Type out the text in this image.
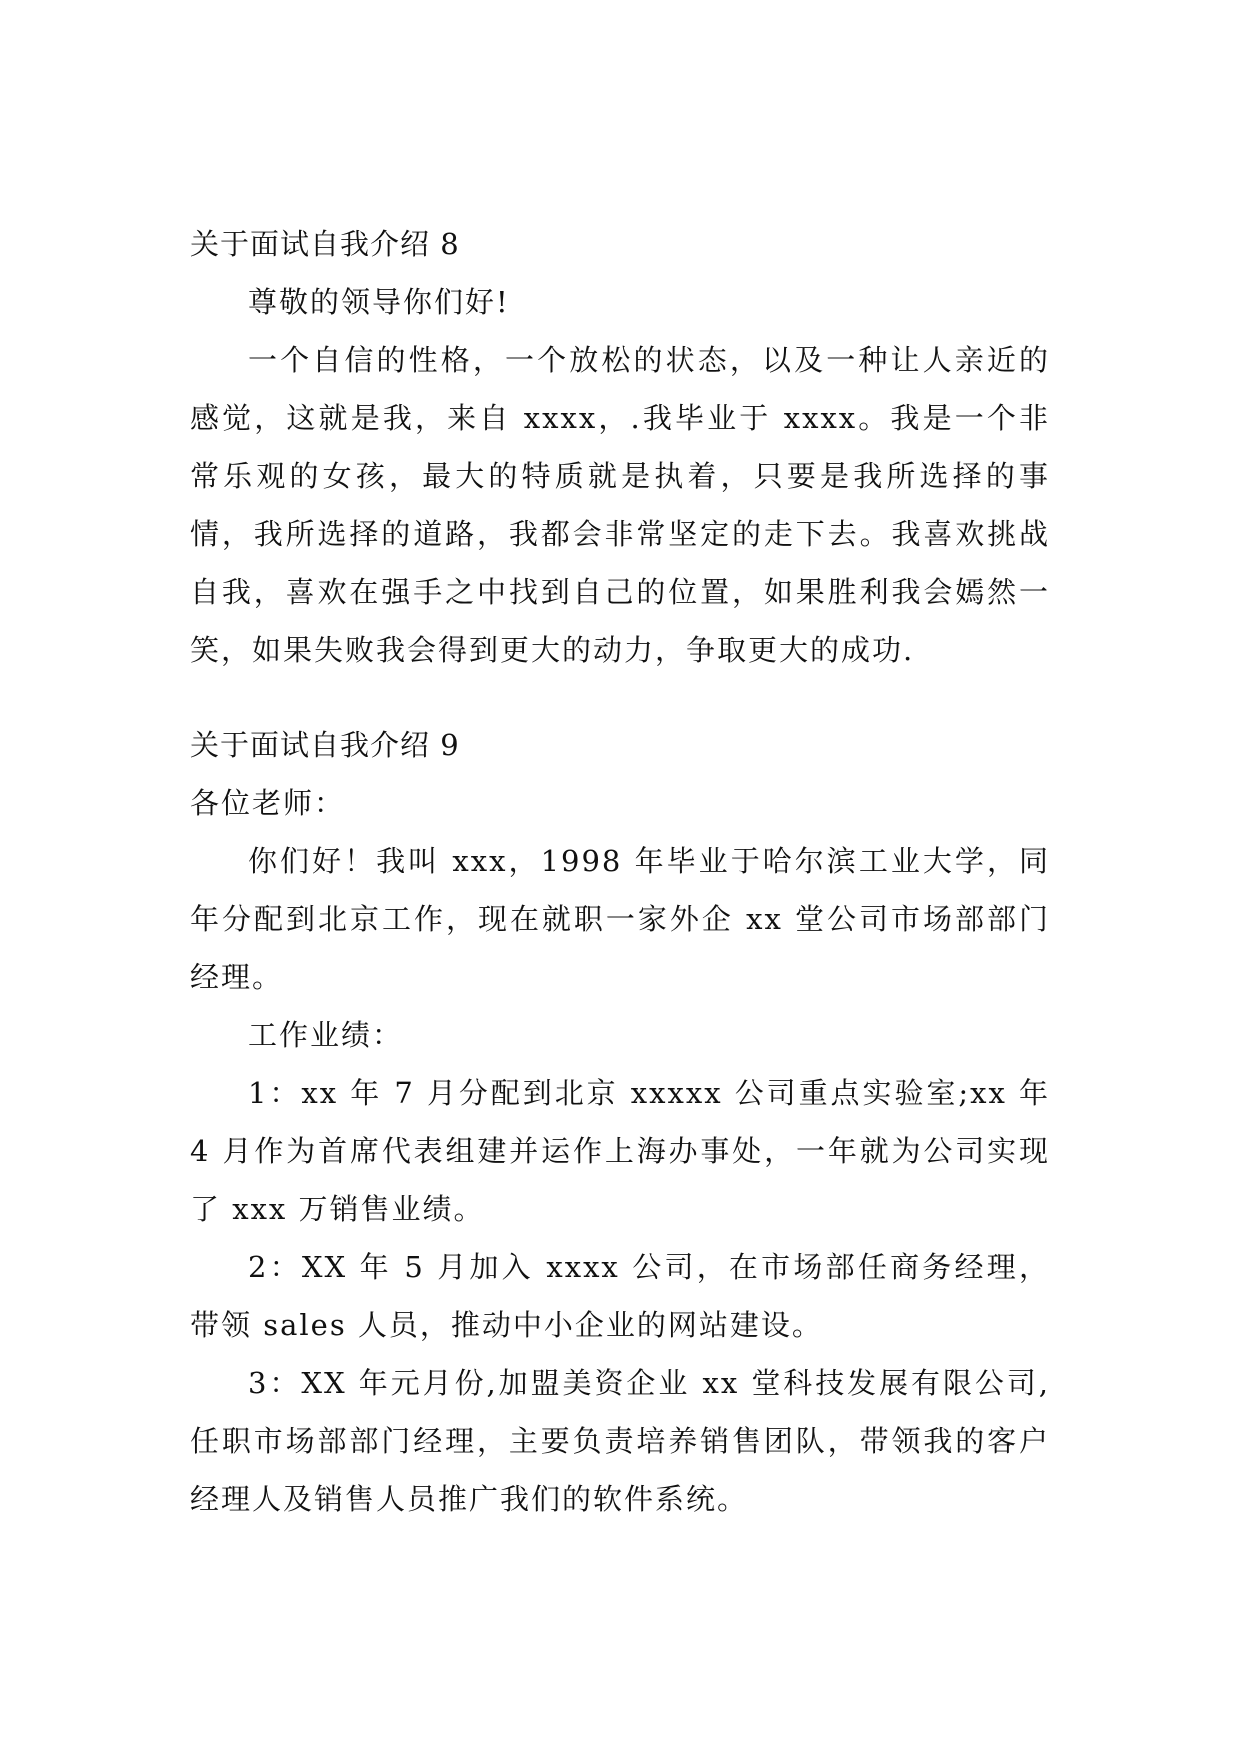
关于面试自我介绍 8

尊敬的领导你们好!

一个自信的性格，一个放松的状态，以及一种让人亲近的感觉，这就是我，来自 xxxx，.我毕业于 xxxx。我是一个非常乐观的女孩，最大的特质就是执着，只要是我所选择的事情，我所选择的道路，我都会非常坚定的走下去。我喜欢挑战自我，喜欢在强手之中找到自己的位置，如果胜利我会嫣然一笑，如果失败我会得到更大的动力，争取更大的成功.

关于面试自我介绍 9

各位老师：

你们好！我叫 xxx，1998 年毕业于哈尔滨工业大学，同年分配到北京工作，现在就职一家外企 xx 堂公司市场部部门经理。

工作业绩：

1：xx 年 7 月分配到北京 xxxxx 公司重点实验室;xx 年 4 月作为首席代表组建并运作上海办事处，一年就为公司实现了 xxx 万销售业绩。

2：XX 年 5 月加入 xxxx 公司，在市场部任商务经理，带领 sales 人员，推动中小企业的网站建设。

3：XX 年元月份,加盟美资企业 xx 堂科技发展有限公司,任职市场部部门经理，主要负责培养销售团队，带领我的客户经理人及销售人员推广我们的软件系统。
